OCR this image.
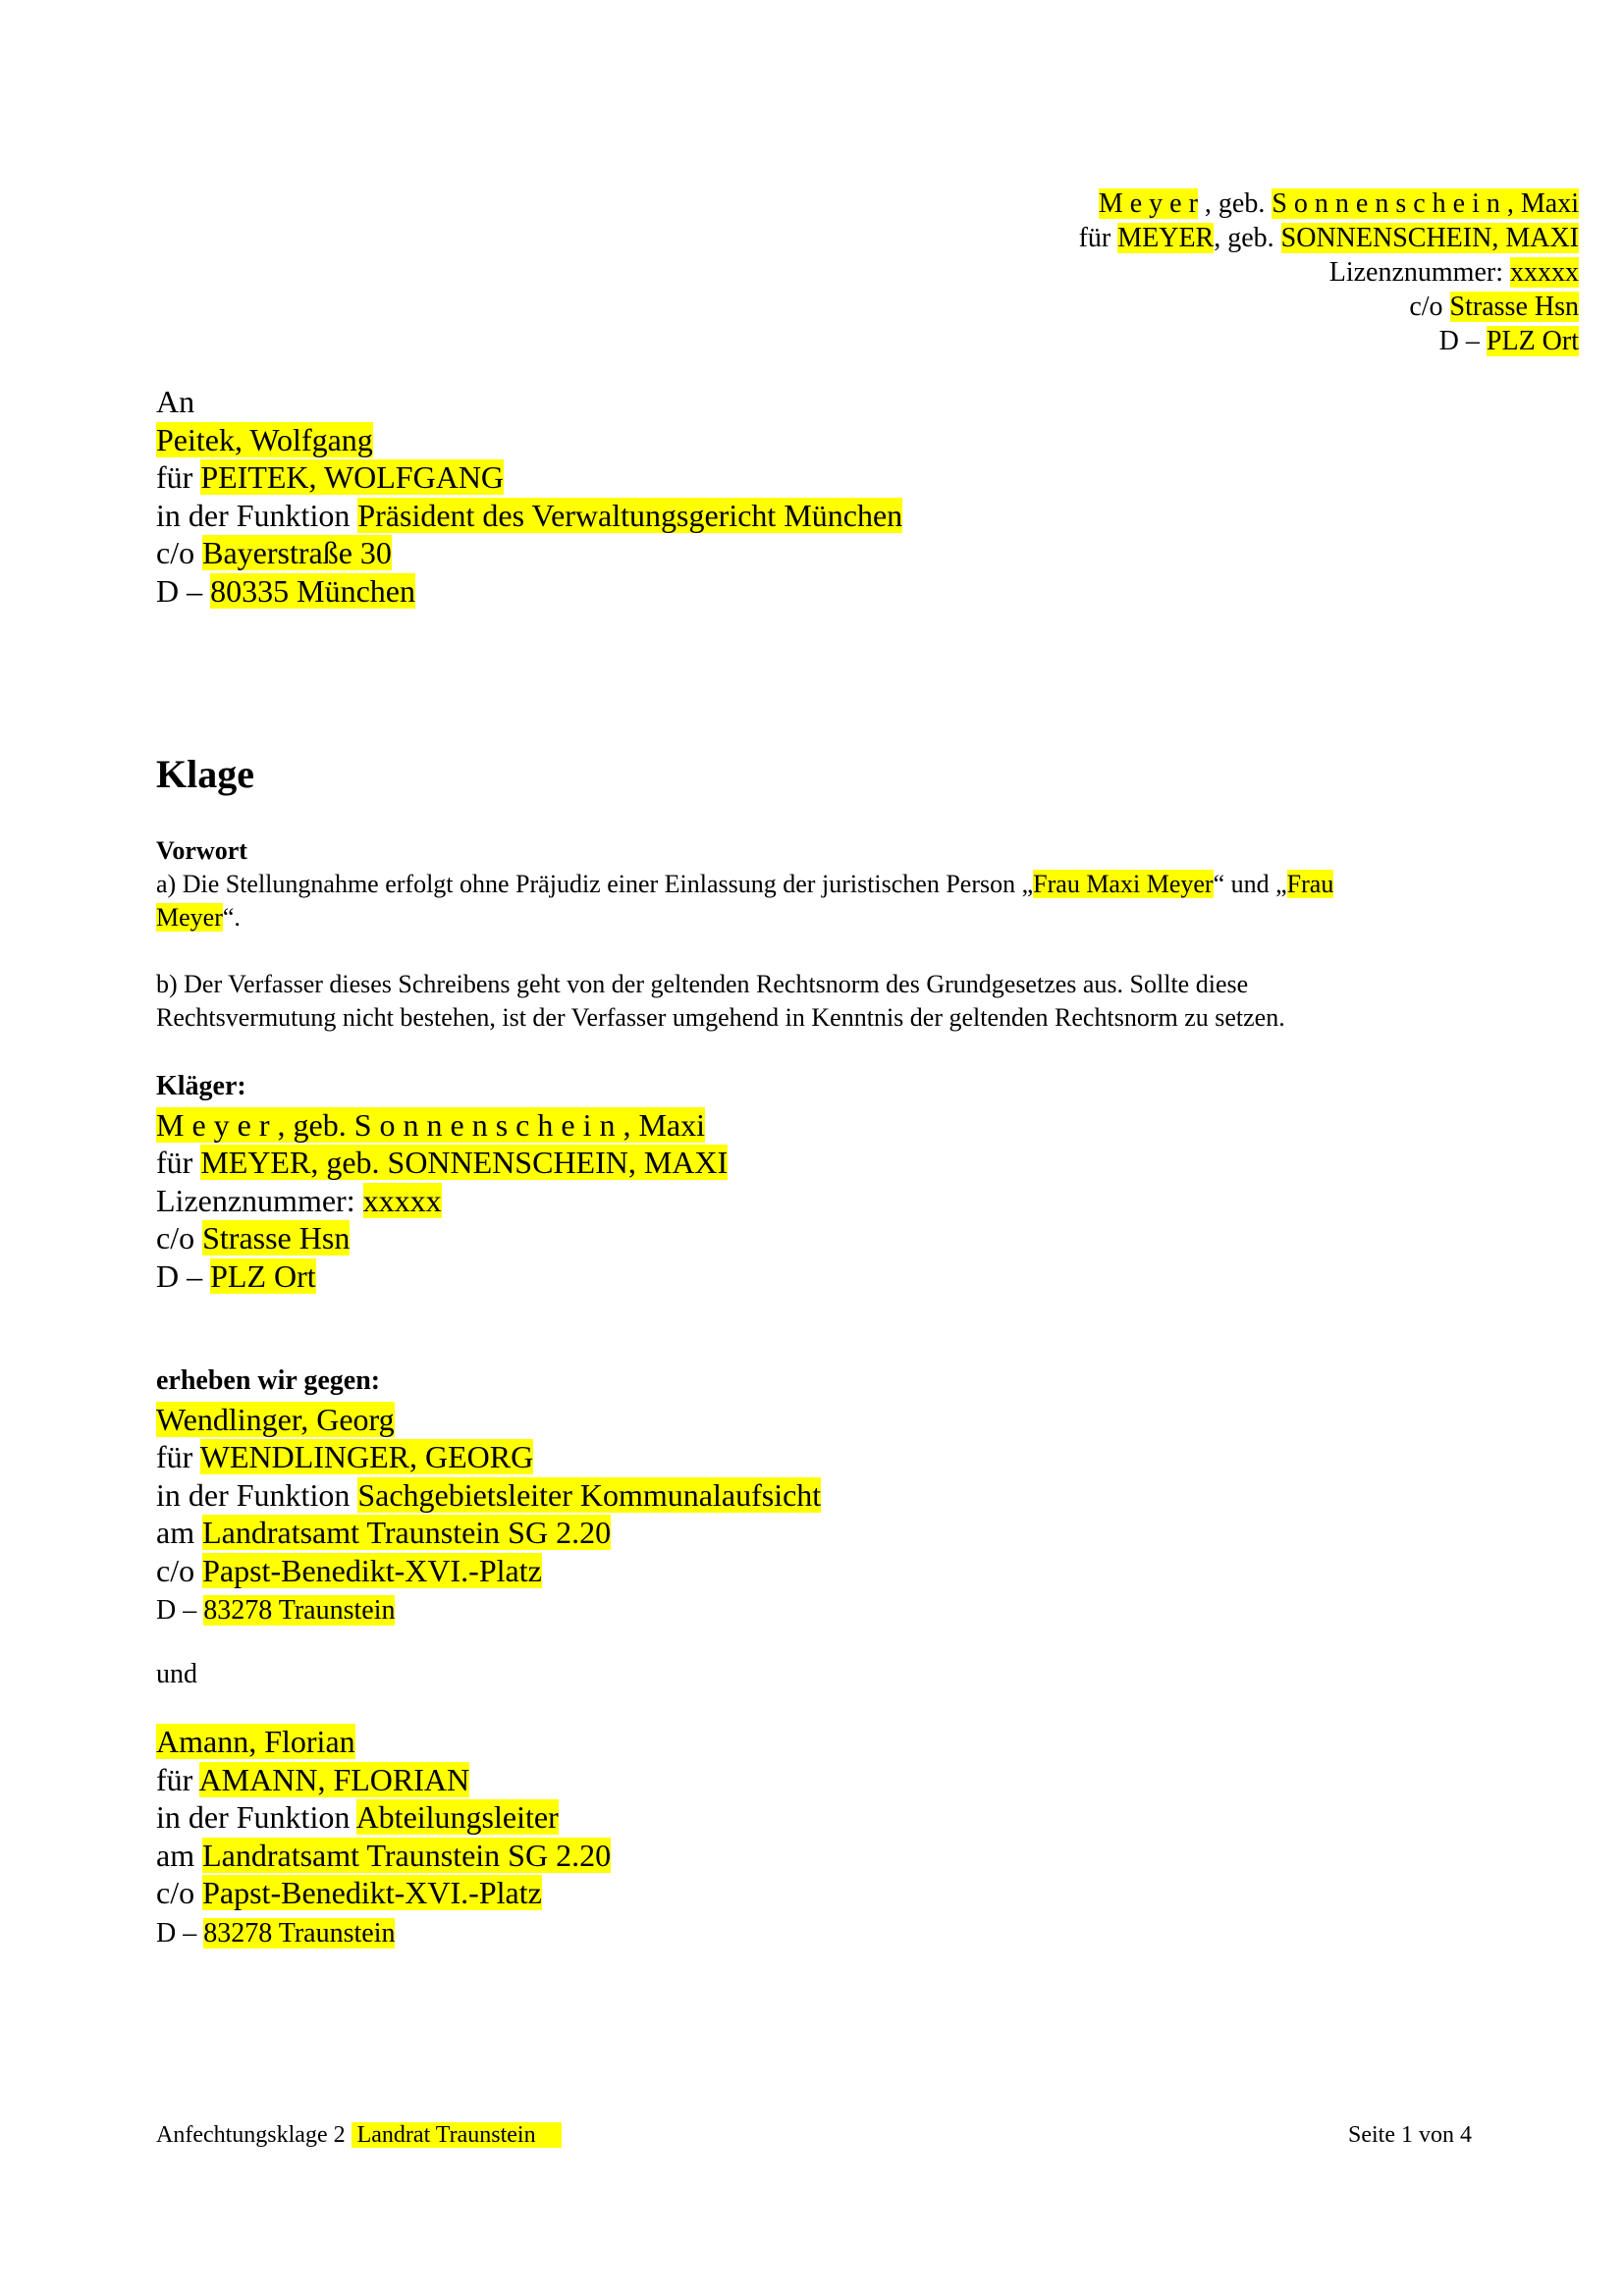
M e y e r , geb. S o n n e n s c h e i n , Maxi
für MEYER, geb. SONNENSCHEIN, MAXI
Lizenznummer: xxxxx
c/o Strasse Hsn
D – PLZ Ort
An
Peitek, Wolfgang
für PEITEK, WOLFGANG
in der Funktion Präsident des Verwaltungsgericht München
c/o Bayerstraße 30
D – 80335 München
Klage

Vorwort

a) Die Stellungnahme erfolgt ohne Präjudiz einer Einlassung der juristischen Person „Frau Maxi Meyer“ und „Frau
Meyer“.

b) Der Verfasser dieses Schreibens geht von der geltenden Rechtsnorm des Grundgesetzes aus. Sollte diese
Rechtsvermutung nicht bestehen, ist der Verfasser umgehend in Kenntnis der geltenden Rechtsnorm zu setzen.

Kläger:
M e y e r , geb. S o n n e n s c h e i n , Maxi
für MEYER, geb. SONNENSCHEIN, MAXI
Lizenznummer: xxxxx
c/o Strasse Hsn
D – PLZ Ort
erheben wir gegen:
Wendlinger, Georg
für WENDLINGER, GEORG
in der Funktion Sachgebietsleiter Kommunalaufsicht
am Landratsamt Traunstein SG 2.20
c/o Papst-Benedikt-XVI.-Platz
D – 83278 Traunstein
und
Amann, Florian
für AMANN, FLORIAN
in der Funktion Abteilungsleiter
am Landratsamt Traunstein SG 2.20
c/o Papst-Benedikt-XVI.-Platz
D – 83278 Traunstein
Anfechtungsklage 2 Landrat Traunstein	Seite 1 von 4
